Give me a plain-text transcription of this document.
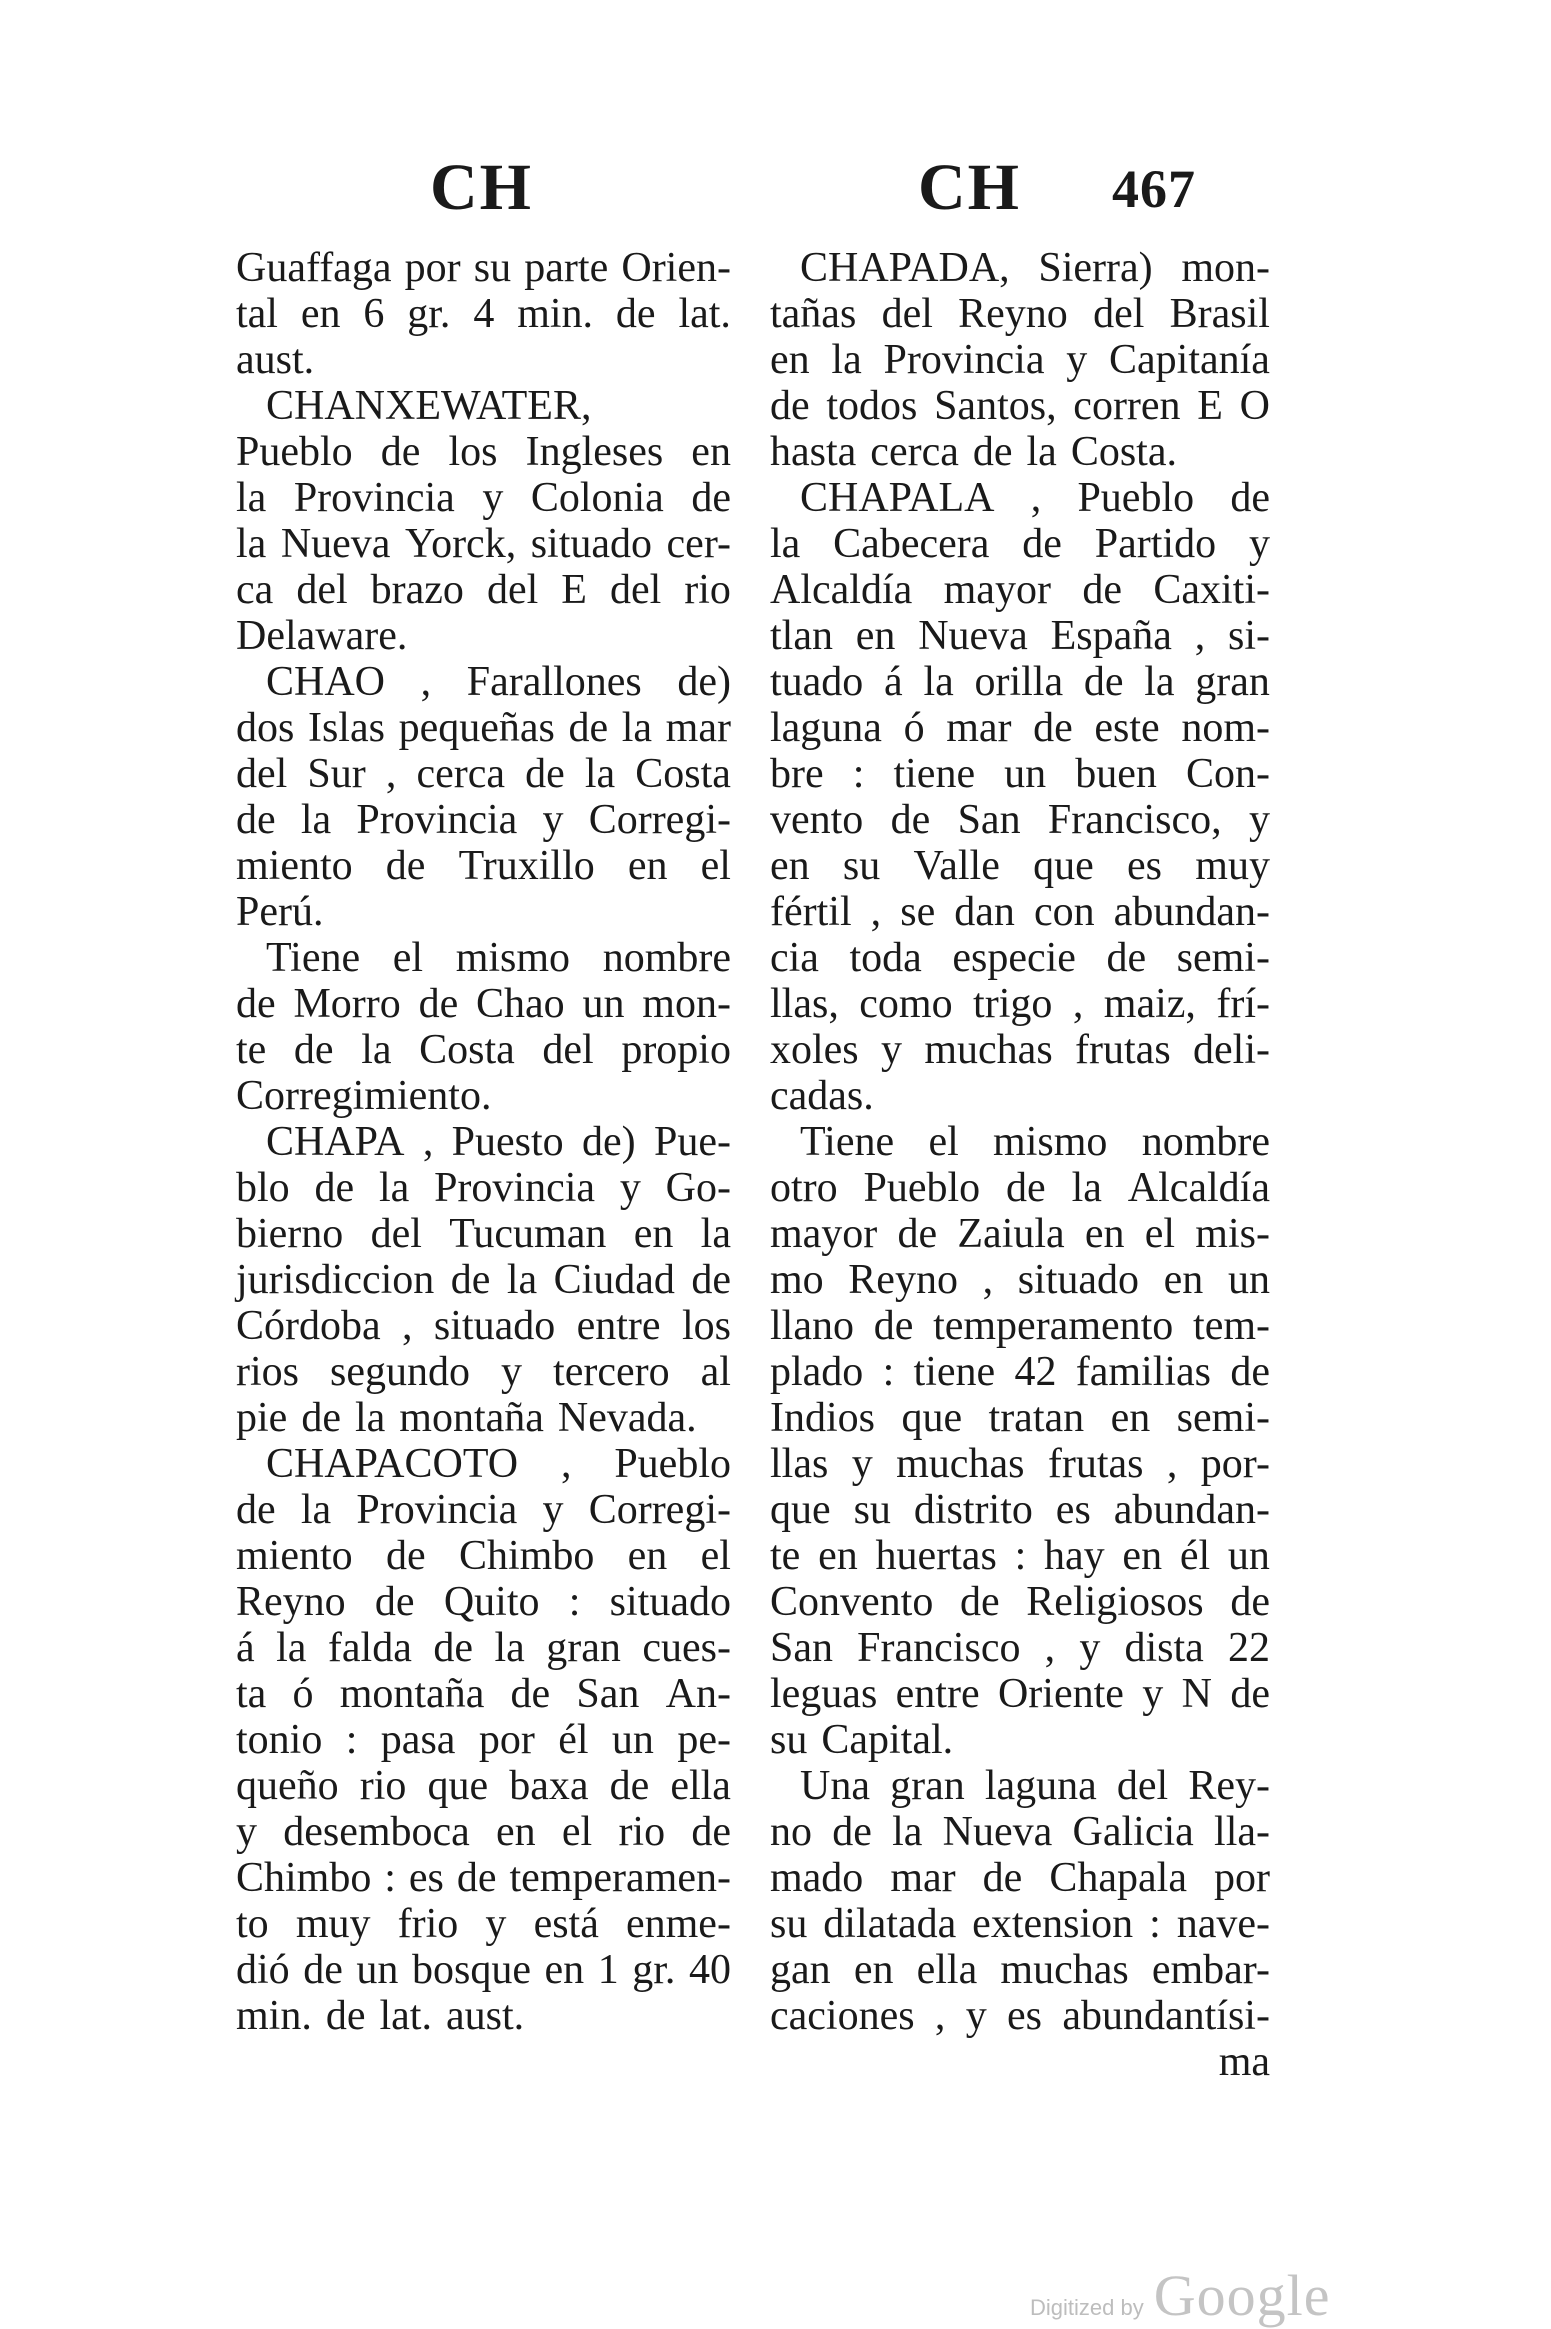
CH	CH 467
Guaffaga por su parte Orien-
tal en 6 gr. 4 min. de lat.
aust.
CHANXEWATER,
Pueblo de los Ingleses en
la Provincia y Colonia de
la Nueva Yorck, situado cer-
ca del brazo del E del rio
Delaware.
CHAO , Farallones de)
dos Islas pequeñas de la mar
del Sur , cerca de la Costa
de la Provincia y Corregi-
miento de Truxillo en el
Perú.
Tiene el mismo nombre
de Morro de Chao un mon-
te de la Costa del propio
Corregimiento.
CHAPA , Puesto de) Pue-
blo de la Provincia y Go-
bierno del Tucuman en la
jurisdiccion de la Ciudad de
Córdoba , situado entre los
rios segundo y tercero al
pie de la montaña Nevada.
CHAPACOTO , Pueblo
de la Provincia y Corregi-
miento de Chimbo en el
Reyno de Quito : situado
á la falda de la gran cues-
ta ó montaña de San An-
tonio : pasa por él un pe-
queño rio que baxa de ella
y desemboca en el rio de
Chimbo : es de temperamen-
to muy frio y está enme-
dió de un bosque en 1 gr. 40
min. de lat. aust.
CHAPADA, Sierra) mon-
tañas del Reyno del Brasil
en la Provincia y Capitanía
de todos Santos, corren E O
hasta cerca de la Costa.
CHAPALA , Pueblo de
la Cabecera de Partido y
Alcaldía mayor de Caxiti-
tlan en Nueva España , si-
tuado á la orilla de la gran
laguna ó mar de este nom-
bre : tiene un buen Con-
vento de San Francisco, y
en su Valle que es muy
fértil , se dan con abundan-
cia toda especie de semi-
llas, como trigo , maiz, frí-
xoles y muchas frutas deli-
cadas.
Tiene el mismo nombre
otro Pueblo de la Alcaldía
mayor de Zaiula en el mis-
mo Reyno , situado en un
llano de temperamento tem-
plado : tiene 42 familias de
Indios que tratan en semi-
llas y muchas frutas , por-
que su distrito es abundan-
te en huertas : hay en él un
Convento de Religiosos de
San Francisco , y dista 22
leguas entre Oriente y N de
su Capital.
Una gran laguna del Rey-
no de la Nueva Galicia lla-
mado mar de Chapala por
su dilatada extension : nave-
gan en ella muchas embar-
caciones , y es abundantísi-
ma
Digitized by Google
